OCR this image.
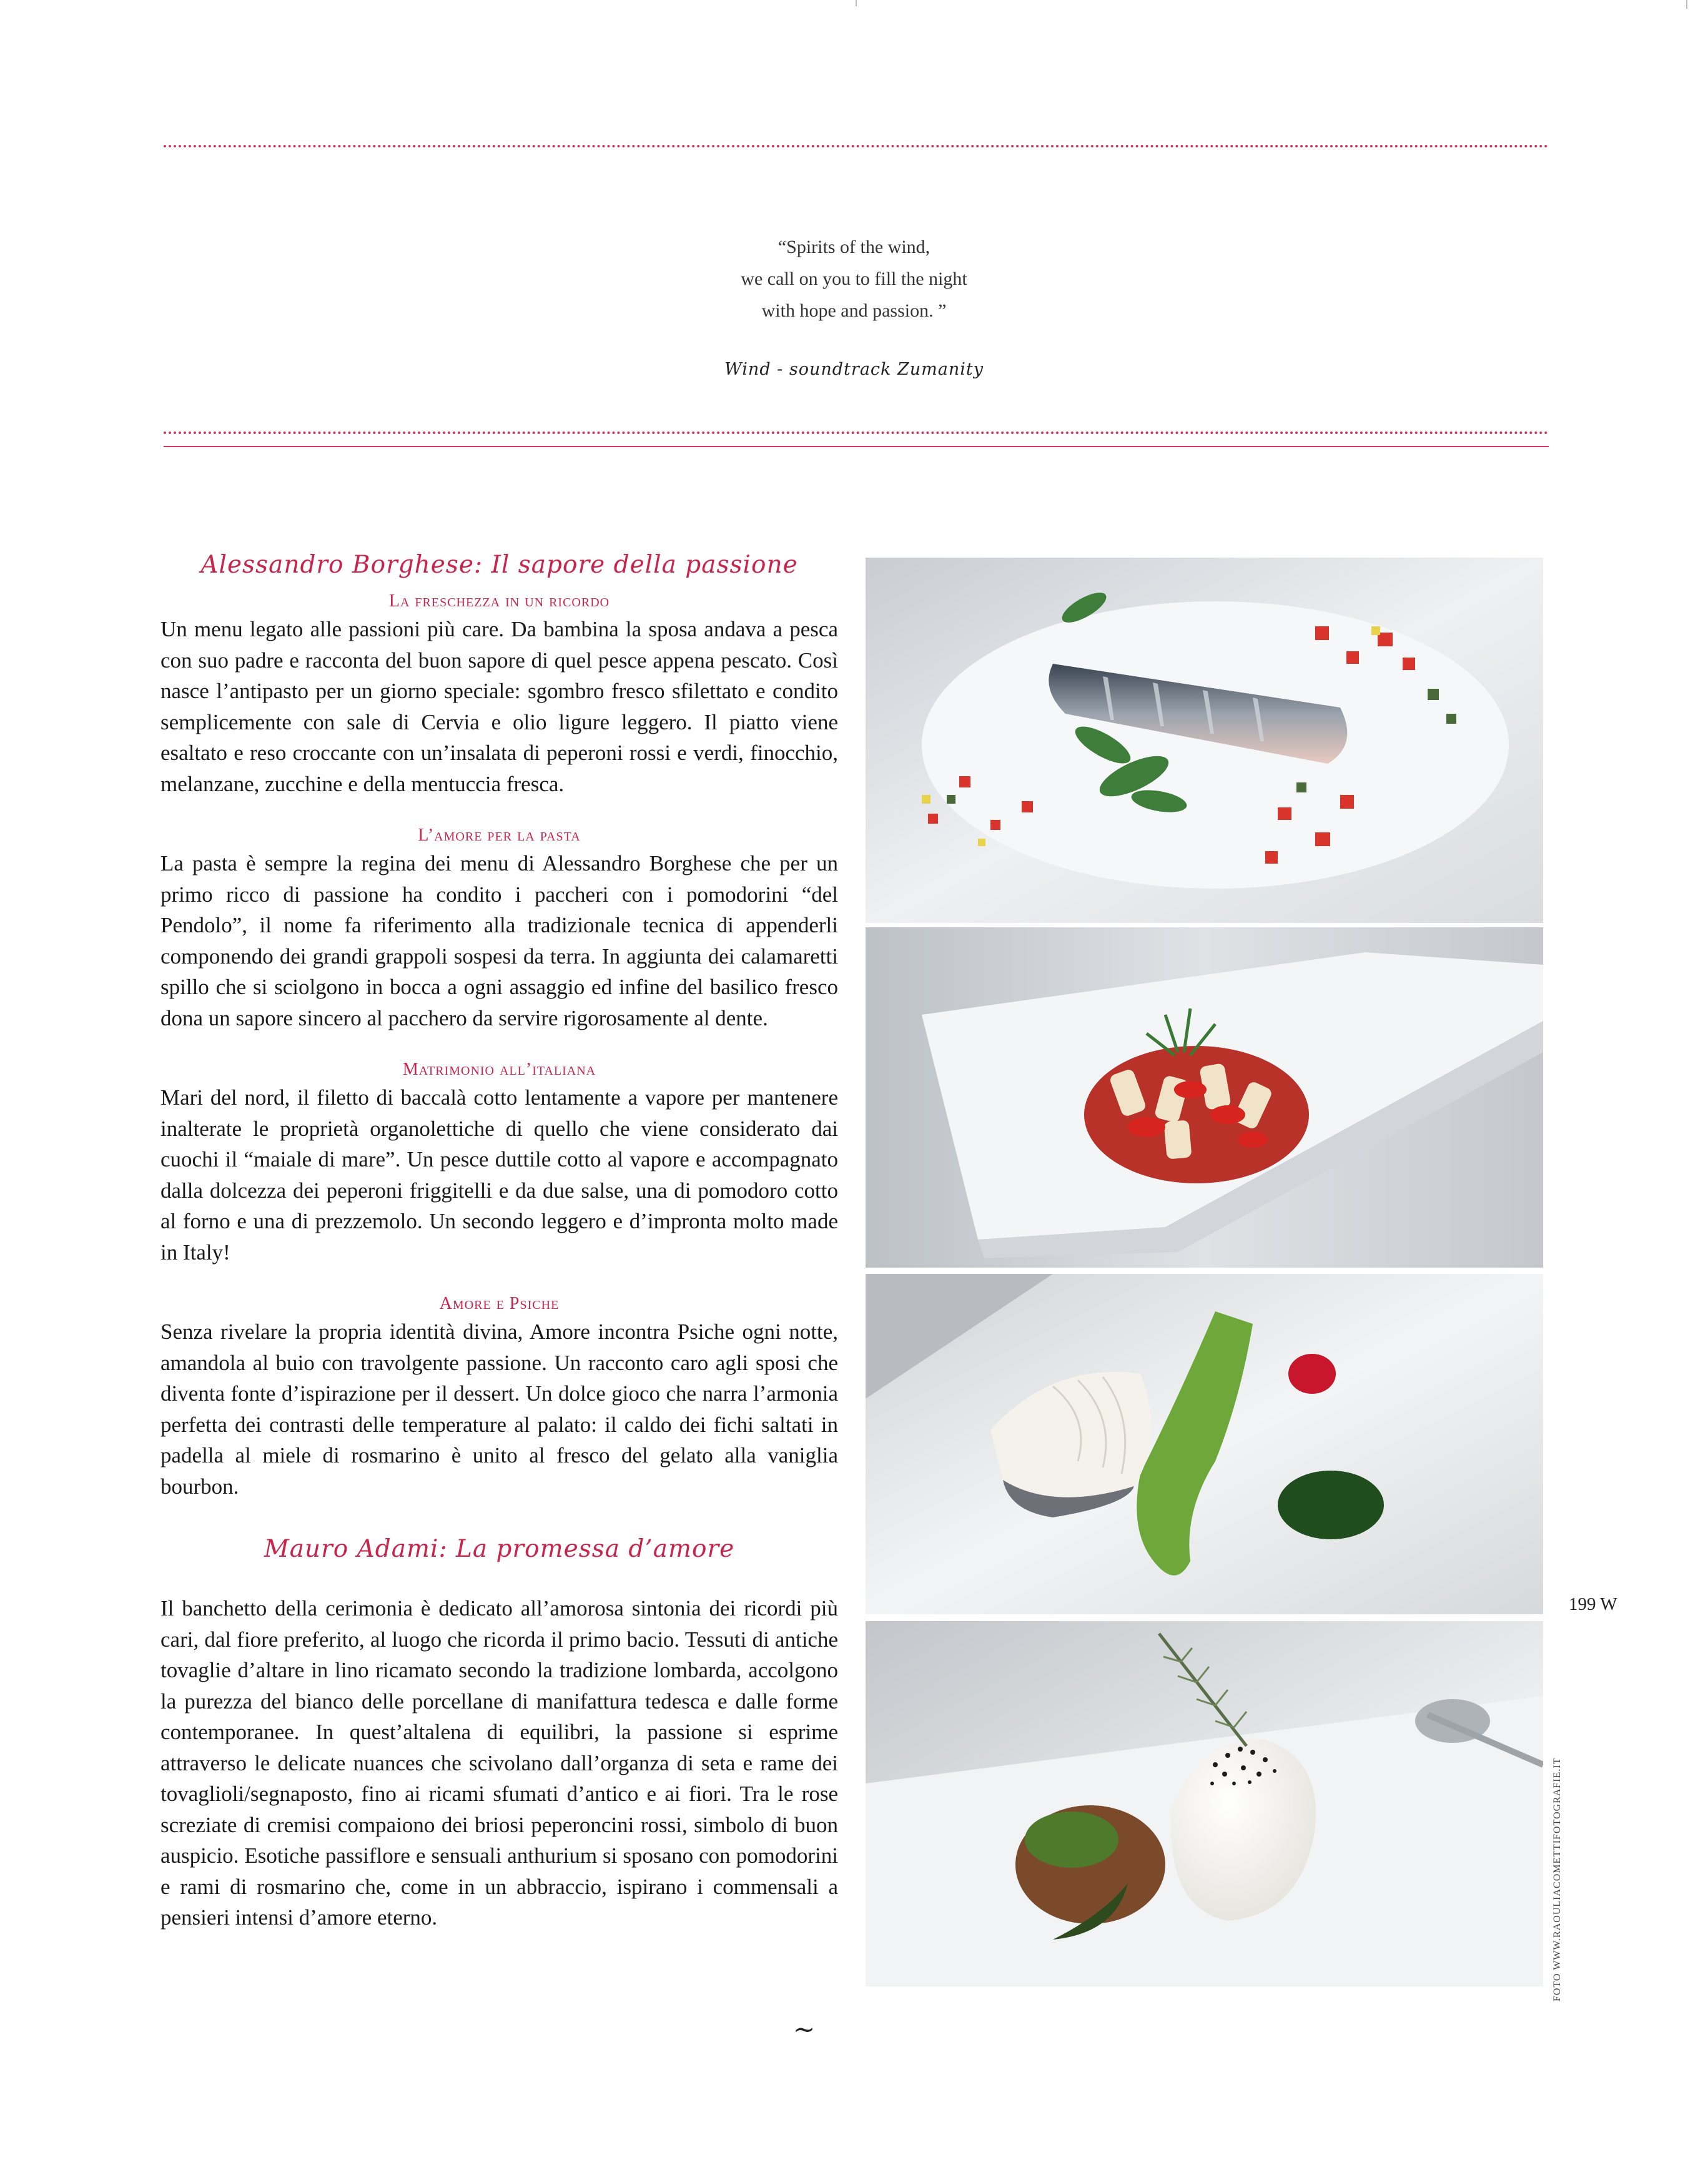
“Spirits of the wind,
we call on you to fill the night
with hope and passion. ”
Wind - soundtrack Zumanity
Alessandro Borghese: Il sapore della passione
La freschezza in un ricordo

Un menu legato alle passioni più care. Da bambina la sposa andava a pesca con suo padre e racconta del buon sapore di quel pesce appena pescato. Così nasce l’antipasto per un giorno speciale: sgombro fresco sfilettato e condito semplicemente con sale di Cervia e olio ligure leggero. Il piatto viene esaltato e reso croccante con un’insalata di peperoni rossi e verdi, finocchio, melanzane, zucchine e della mentuccia fresca.

L’amore per la pasta

La pasta è sempre la regina dei menu di Alessandro Borghese che per un primo ricco di passione ha condito i paccheri con i pomodorini “del Pendolo”, il nome fa riferimento alla tradizionale tecnica di appenderli componendo dei grandi grappoli sospesi da terra. In aggiunta dei calamaretti spillo che si sciolgono in bocca a ogni assaggio ed infine del basilico fresco dona un sapore sincero al pacchero da servire rigorosamente al dente.

Matrimonio all’italiana

Mari del nord, il filetto di baccalà cotto lentamente a vapore per mantenere inalterate le proprietà organolettiche di quello che viene considerato dai cuochi il “maiale di mare”. Un pesce duttile cotto al vapore e accompagnato dalla dolcezza dei peperoni friggitelli e da due salse, una di pomodoro cotto al forno e una di prezzemolo. Un secondo leggero e d’impronta molto made in Italy!

Amore e Psiche

Senza rivelare la propria identità divina, Amore incontra Psiche ogni notte, amandola al buio con travolgente passione. Un racconto caro agli sposi che diventa fonte d’ispirazione per il dessert. Un dolce gioco che narra l’armonia perfetta dei contrasti delle temperature al palato: il caldo dei fichi saltati in padella al miele di rosmarino è unito al fresco del gelato alla vaniglia bourbon.

Mauro Adami: La promessa d’amore

Il banchetto della cerimonia è dedicato all’amorosa sintonia dei ricordi più cari, dal fiore preferito, al luogo che ricorda il primo bacio. Tessuti di antiche tovaglie d’altare in lino ricamato secondo la tradizione lombarda, accolgono la purezza del bianco delle porcellane di manifattura tedesca e dalle forme contemporanee. In quest’altalena di equilibri, la passione si esprime attraverso le delicate nuances che scivolano dall’organza di seta e rame dei tovaglioli/segnaposto, fino ai ricami sfumati d’antico e ai fiori. Tra le rose screziate di cremisi compaiono dei briosi peperoncini rossi, simbolo di buon auspicio. Esotiche passiflore e sensuali anthurium si sposano con pomodorini e rami di rosmarino che, come in un abbraccio, ispirano i commensali a pensieri intensi d’amore eterno.

~
199 W
FOTO WWW.RAOULIACOMETTIFOTOGRAFIE.IT
